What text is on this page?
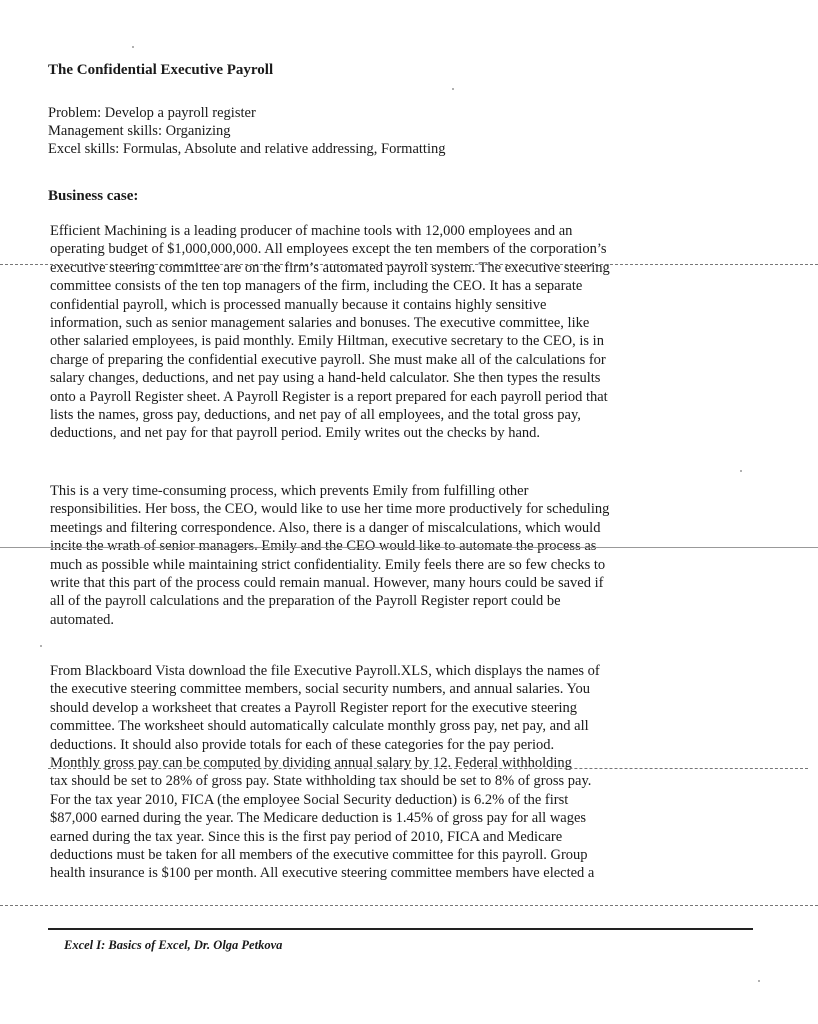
The Confidential Executive Payroll
Problem: Develop a payroll register
Management skills: Organizing
Excel skills: Formulas, Absolute and relative addressing, Formatting
Business case:
Efficient Machining is a leading producer of machine tools with 12,000 employees and an
operating budget of $1,000,000,000. All employees except the ten members of the corporation’s
executive steering committee are on the firm’s automated payroll system. The executive steering
committee consists of the ten top managers of the firm, including the CEO. It has a separate
confidential payroll, which is processed manually because it contains highly sensitive
information, such as senior management salaries and bonuses. The executive committee, like
other salaried employees, is paid monthly. Emily Hiltman, executive secretary to the CEO, is in
charge of preparing the confidential executive payroll. She must make all of the calculations for
salary changes, deductions, and net pay using a hand-held calculator. She then types the results
onto a Payroll Register sheet. A Payroll Register is a report prepared for each payroll period that
lists the names, gross pay, deductions, and net pay of all employees, and the total gross pay,
deductions, and net pay for that payroll period. Emily writes out the checks by hand.
This is a very time-consuming process, which prevents Emily from fulfilling other
responsibilities. Her boss, the CEO, would like to use her time more productively for scheduling
meetings and filtering correspondence. Also, there is a danger of miscalculations, which would
incite the wrath of senior managers. Emily and the CEO would like to automate the process as
much as possible while maintaining strict confidentiality. Emily feels there are so few checks to
write that this part of the process could remain manual. However, many hours could be saved if
all of the payroll calculations and the preparation of the Payroll Register report could be
automated.
From Blackboard Vista download the file Executive Payroll.XLS, which displays the names of
the executive steering committee members, social security numbers, and annual salaries. You
should develop a worksheet that creates a Payroll Register report for the executive steering
committee. The worksheet should automatically calculate monthly gross pay, net pay, and all
deductions. It should also provide totals for each of these categories for the pay period.
Monthly gross pay can be computed by dividing annual salary by 12. Federal withholding
tax should be set to 28% of gross pay. State withholding tax should be set to 8% of gross pay.
For the tax year 2010, FICA (the employee Social Security deduction) is 6.2% of the first
$87,000 earned during the year. The Medicare deduction is 1.45% of gross pay for all wages
earned during the tax year. Since this is the first pay period of 2010, FICA and Medicare
deductions must be taken for all members of the executive committee for this payroll. Group
health insurance is $100 per month. All executive steering committee members have elected a
Excel I: Basics of Excel, Dr. Olga Petkova
